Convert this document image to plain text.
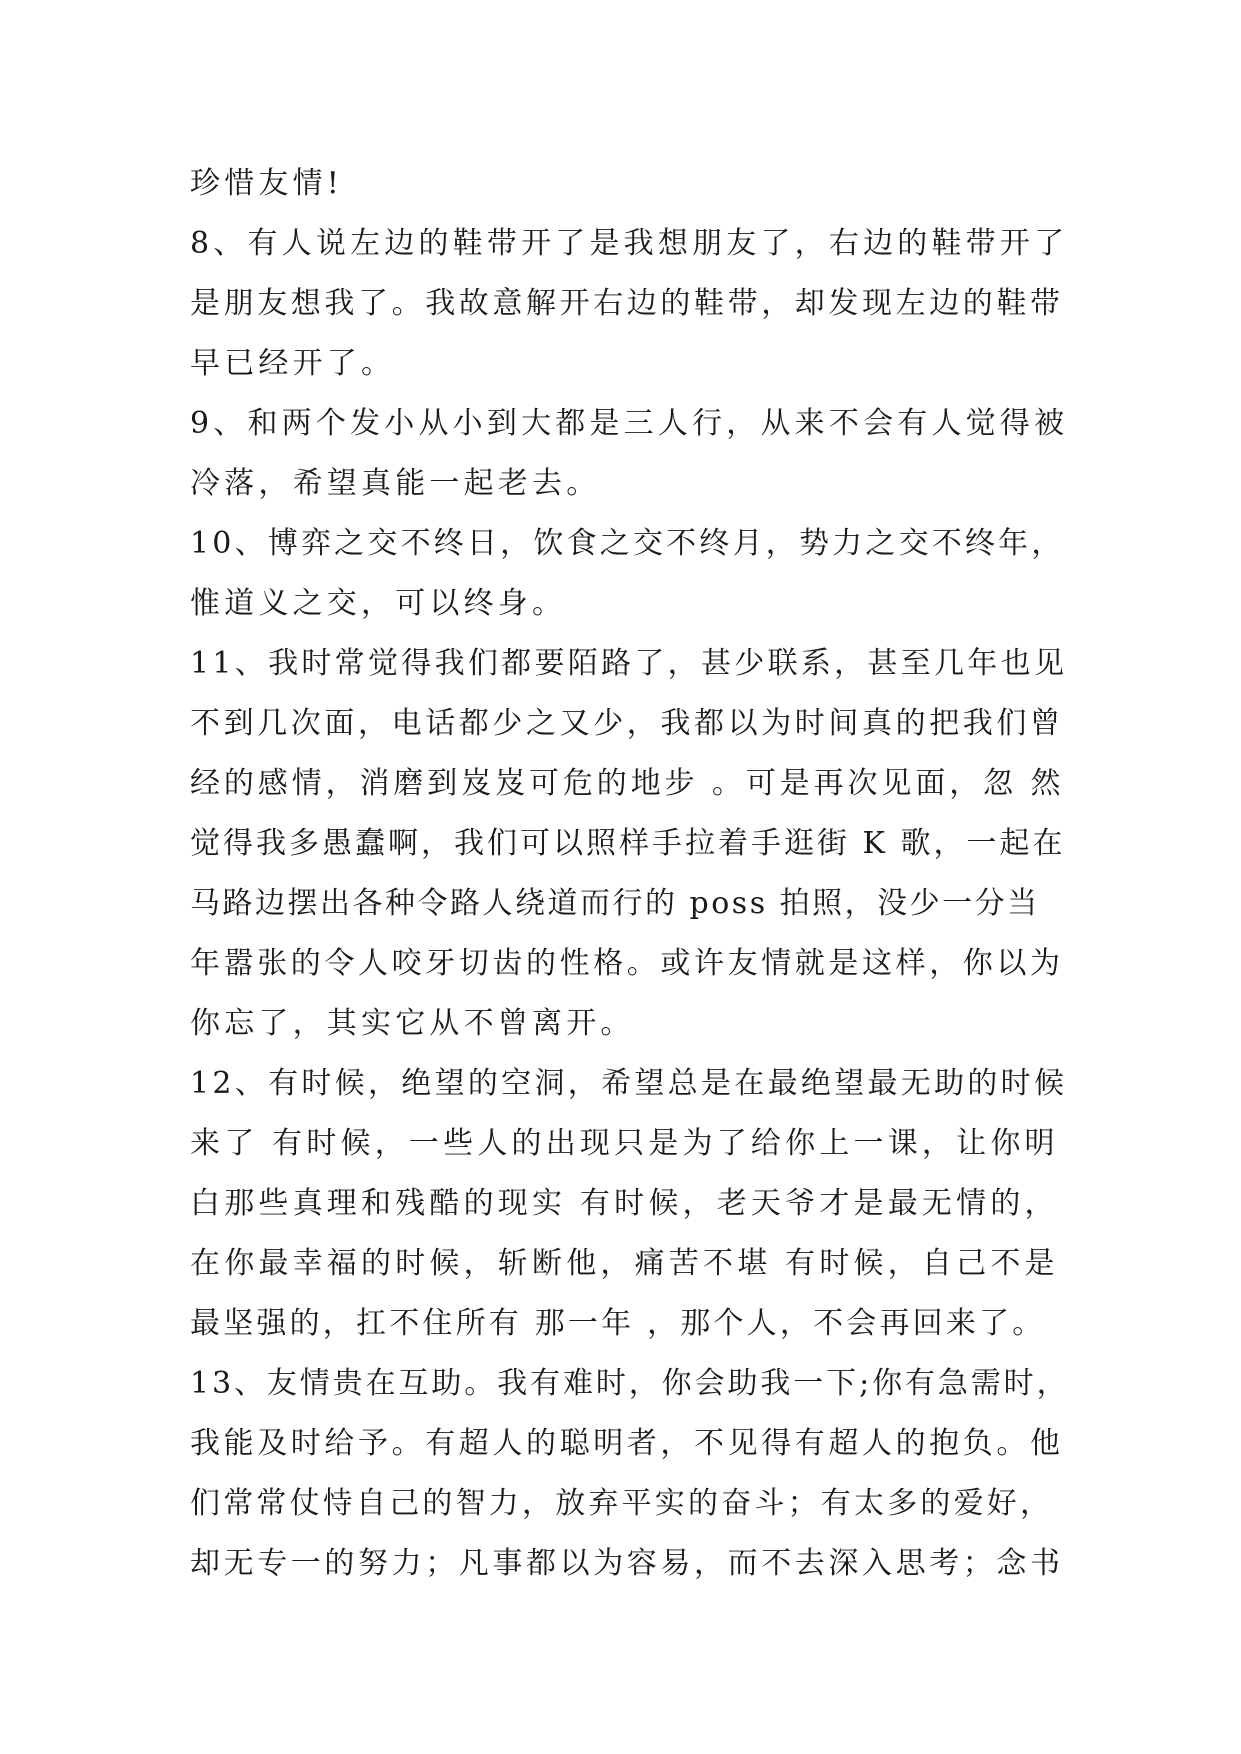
珍惜友情!
8、有人说左边的鞋带开了是我想朋友了，右边的鞋带开了
是朋友想我了。我故意解开右边的鞋带，却发现左边的鞋带
早已经开了。
9、和两个发小从小到大都是三人行，从来不会有人觉得被
冷落，希望真能一起老去。
10、博弈之交不终日，饮食之交不终月，势力之交不终年，
惟道义之交，可以终身。
11、我时常觉得我们都要陌路了，甚少联系，甚至几年也见
不到几次面，电话都少之又少，我都以为时间真的把我们曾
经的感情，消磨到岌岌可危的地步 。可是再次见面，忽 然
觉得我多愚蠢啊，我们可以照样手拉着手逛街 K 歌，一起在
马路边摆出各种令路人绕道而行的 poss 拍照，没少一分当
年嚣张的令人咬牙切齿的性格。或许友情就是这样，你以为
你忘了，其实它从不曾离开。
12、有时候，绝望的空洞，希望总是在最绝望最无助的时候
来了 有时候，一些人的出现只是为了给你上一课，让你明
白那些真理和残酷的现实 有时候，老天爷才是最无情的，
在你最幸福的时候，斩断他，痛苦不堪 有时候，自己不是
最坚强的，扛不住所有 那一年 ，那个人，不会再回来了。
13、友情贵在互助。我有难时，你会助我一下;你有急需时，
我能及时给予。有超人的聪明者，不见得有超人的抱负。他
们常常仗恃自己的智力，放弃平实的奋斗；有太多的爱好，
却无专一的努力；凡事都以为容易，而不去深入思考；念书
